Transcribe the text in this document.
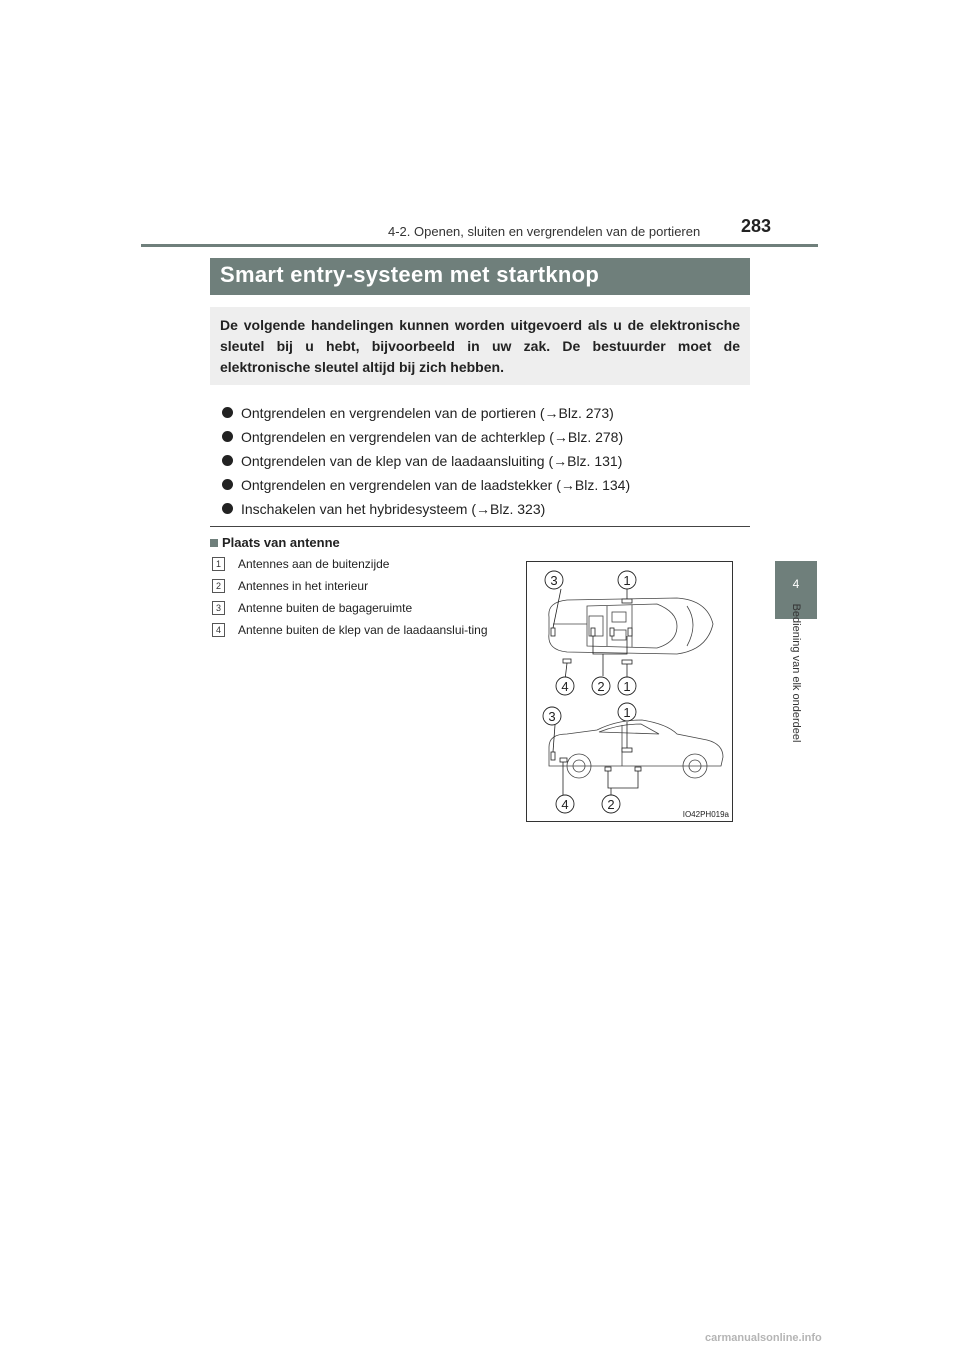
4-2. Openen, sluiten en vergrendelen van de portieren 283
4
Bediening van elk onderdeel
Smart entry-systeem met startknop

De volgende handelingen kunnen worden uitgevoerd als u de elektronische sleutel bij u hebt, bijvoorbeeld in uw zak. De bestuurder moet de elektronische sleutel altijd bij zich hebben.

Ontgrendelen en vergrendelen van de portieren (→Blz. 273)
Ontgrendelen en vergrendelen van de achterklep (→Blz. 278)
Ontgrendelen van de klep van de laadaansluiting (→Blz. 131)
Ontgrendelen en vergrendelen van de laadstekker (→Blz. 134)
Inschakelen van het hybridesysteem (→Blz. 323)
Plaats van antenne
1	Antennes aan de buitenzijde
2	Antennes in het interieur
3	Antenne buiten de bagageruimte
4	Antenne buiten de klep van de laadaanslui-ting
1
3
4 2 1
3	1
4	2
IO42PH019a
carmanualsonline.info
